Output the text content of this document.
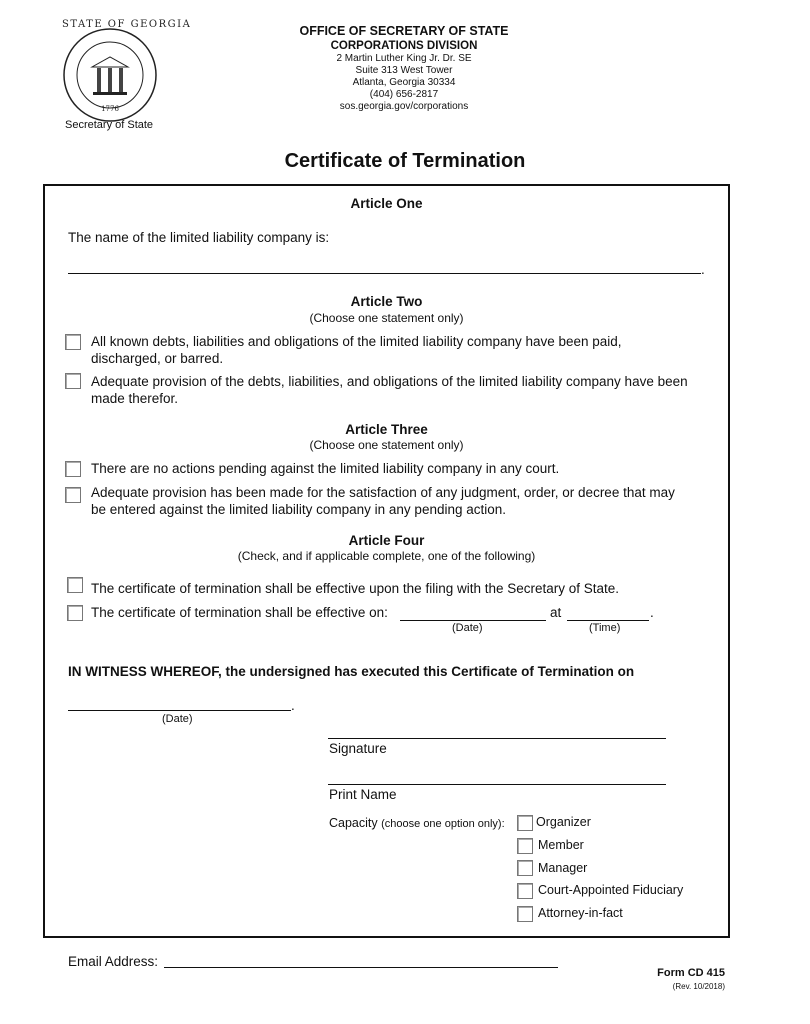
STATE OF GEORGIA
1776
Secretary of State
OFFICE OF SECRETARY OF STATE
CORPORATIONS DIVISION
2 Martin Luther King Jr. Dr. SE
Suite 313 West Tower
Atlanta, Georgia 30334
(404) 656-2817
sos.georgia.gov/corporations
Certificate of Termination
Article One
The name of the limited liability company is:
.
Article Two
(Choose one statement only)
All known debts, liabilities and obligations of the limited liability company have been paid,
discharged, or barred.
Adequate provision of the debts, liabilities, and obligations of the limited liability company have been
made therefor.
Article Three
(Choose one statement only)
There are no actions pending against the limited liability company in any court.
Adequate provision has been made for the satisfaction of any judgment, order, or decree that may
be entered against the limited liability company in any pending action.
Article Four
(Check, and if applicable complete, one of the following)
The certificate of termination shall be effective upon the filing with the Secretary of State.
The certificate of termination shall be effective on:	at	.
(Date)	(Time)
IN WITNESS WHEREOF, the undersigned has executed this Certificate of Termination on
.
(Date)
Signature
Print Name
Capacity (choose one option only):	Organizer
Member
Manager
Court-Appointed Fiduciary
Attorney-in-fact
Email Address:
Form CD 415
(Rev. 10/2018)
